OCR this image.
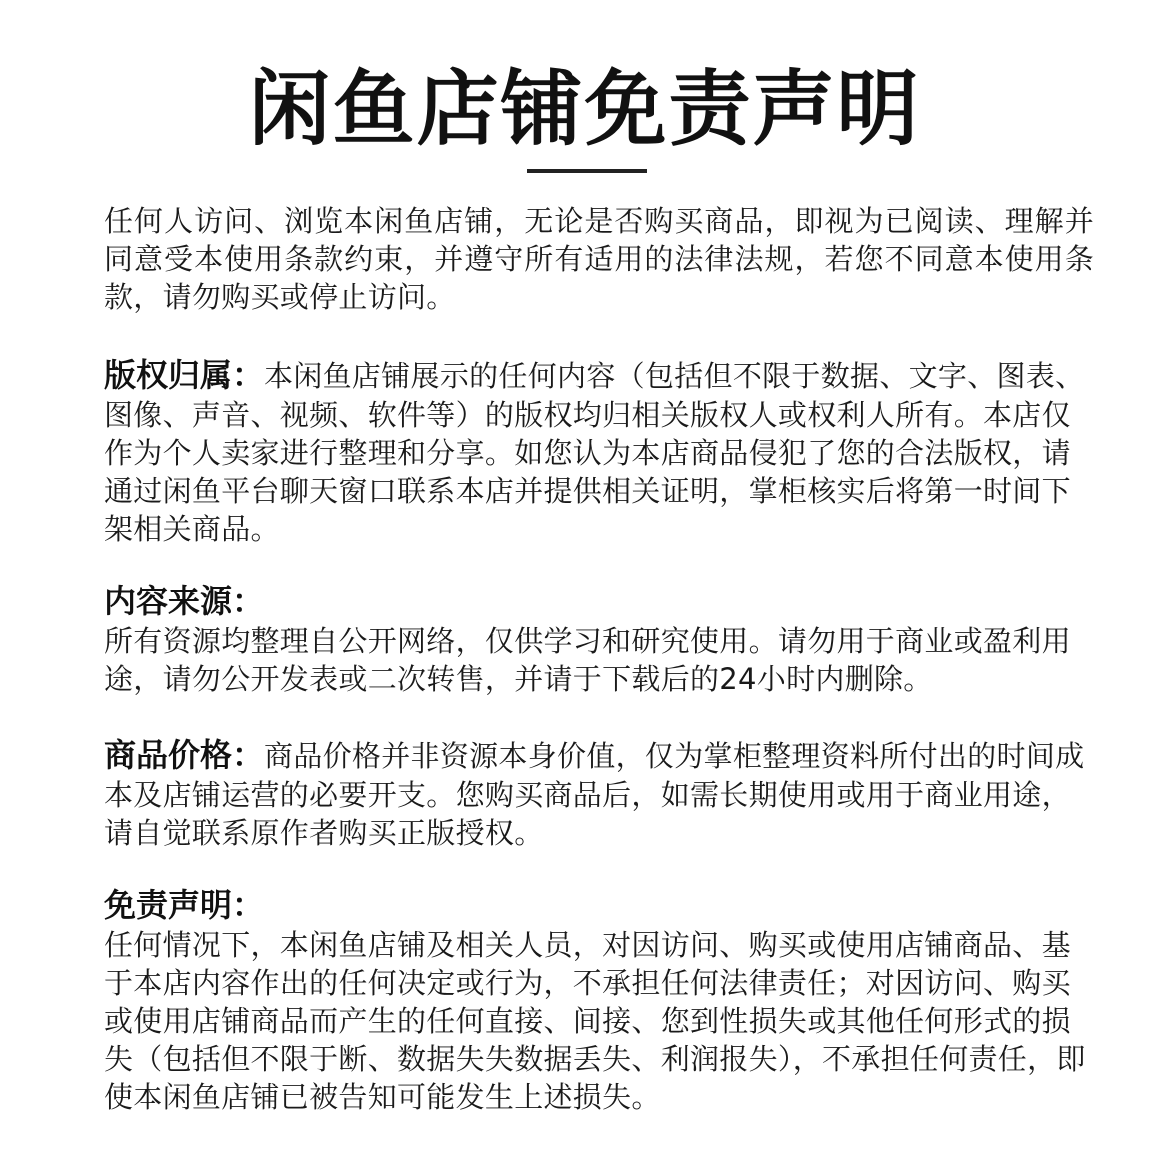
闲鱼店铺免责声明

任何人访问、浏览本闲鱼店铺，无论是否购买商品，即视为已阅读、理解并同意受本使用条款约束，并遵守所有适用的法律法规，若您不同意本使用条款，请勿购买或停止访问。

版权归属：本闲鱼店铺展示的任何内容（包括但不限于数据、文字、图表、图像、声音、视频、软件等）的版权均归相关版权人或权利人所有。本店仅作为个人卖家进行整理和分享。如您认为本店商品侵犯了您的合法版权，请通过闲鱼平台聊天窗口联系本店并提供相关证明，掌柜核实后将第一时间下架相关商品。
内容来源：
所有资源均整理自公开网络，仅供学习和研究使用。请勿用于商业或盈利用途，请勿公开发表或二次转售，并请于下载后的24小时内删除。
商品价格：商品价格并非资源本身价值，仅为掌柜整理资料所付出的时间成本及店铺运营的必要开支。您购买商品后，如需长期使用或用于商业用途，请自觉联系原作者购买正版授权。
免责声明：
任何情况下，本闲鱼店铺及相关人员，对因访问、购买或使用店铺商品、基于本店内容作出的任何决定或行为，不承担任何法律责任；对因访问、购买或使用店铺商品而产生的任何直接、间接、您到性损失或其他任何形式的损失（包括但不限于断、数据失失数据丢失、利润报失），不承担任何责任，即使本闲鱼店铺已被告知可能发生上述损失。
